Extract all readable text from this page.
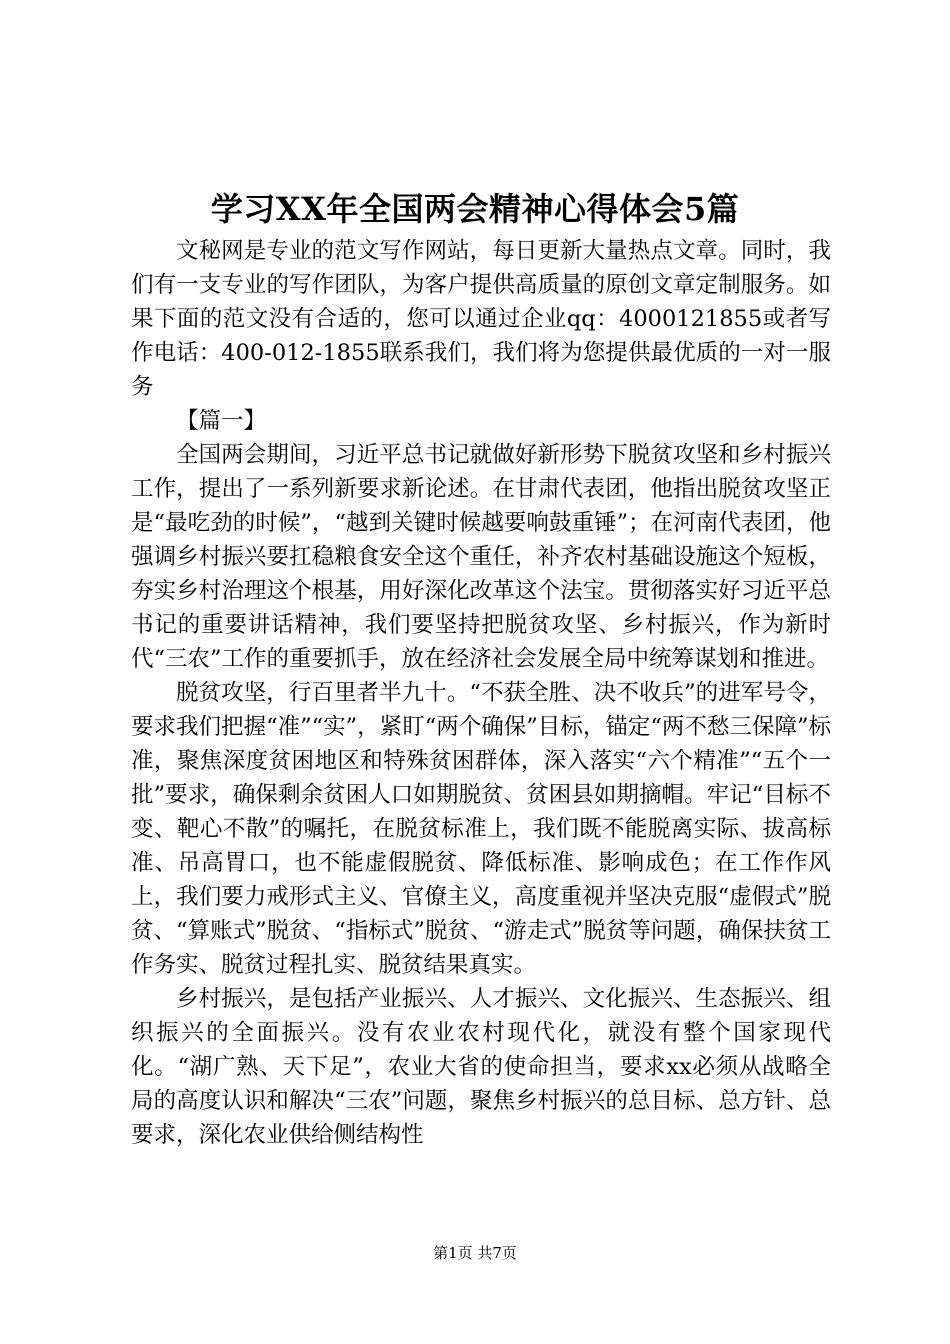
学习XX年全国两会精神心得体会5篇

文秘网是专业的范文写作网站，每日更新大量热点文章。同时，我们有一支专业的写作团队，为客户提供高质量的原创文章定制服务。如果下面的范文没有合适的，您可以通过企业qq：4000121855或者写作电话：400-012-1855联系我们，我们将为您提供最优质的一对一服务

【篇一】

全国两会期间，习近平总书记就做好新形势下脱贫攻坚和乡村振兴工作，提出了一系列新要求新论述。在甘肃代表团，他指出脱贫攻坚正是“最吃劲的时候”，“越到关键时候越要响鼓重锤”；在河南代表团，他强调乡村振兴要扛稳粮食安全这个重任，补齐农村基础设施这个短板，夯实乡村治理这个根基，用好深化改革这个法宝。贯彻落实好习近平总书记的重要讲话精神，我们要坚持把脱贫攻坚、乡村振兴，作为新时代“三农”工作的重要抓手，放在经济社会发展全局中统筹谋划和推进。

脱贫攻坚，行百里者半九十。“不获全胜、决不收兵”的进军号令，要求我们把握“准”“实”，紧盯“两个确保”目标，锚定“两不愁三保障”标准，聚焦深度贫困地区和特殊贫困群体，深入落实“六个精准”“五个一批”要求，确保剩余贫困人口如期脱贫、贫困县如期摘帽。牢记“目标不变、靶心不散”的嘱托，在脱贫标准上，我们既不能脱离实际、拔高标准、吊高胃口，也不能虚假脱贫、降低标准、影响成色；在工作作风上，我们要力戒形式主义、官僚主义，高度重视并坚决克服“虚假式”脱贫、“算账式”脱贫、“指标式”脱贫、“游走式”脱贫等问题，确保扶贫工作务实、脱贫过程扎实、脱贫结果真实。

乡村振兴，是包括产业振兴、人才振兴、文化振兴、生态振兴、组织振兴的全面振兴。没有农业农村现代化，就没有整个国家现代化。“湖广熟、天下足”，农业大省的使命担当，要求xx必须从战略全局的高度认识和解决“三农”问题，聚焦乡村振兴的总目标、总方针、总要求，深化农业供给侧结构性

第1页 共7页
